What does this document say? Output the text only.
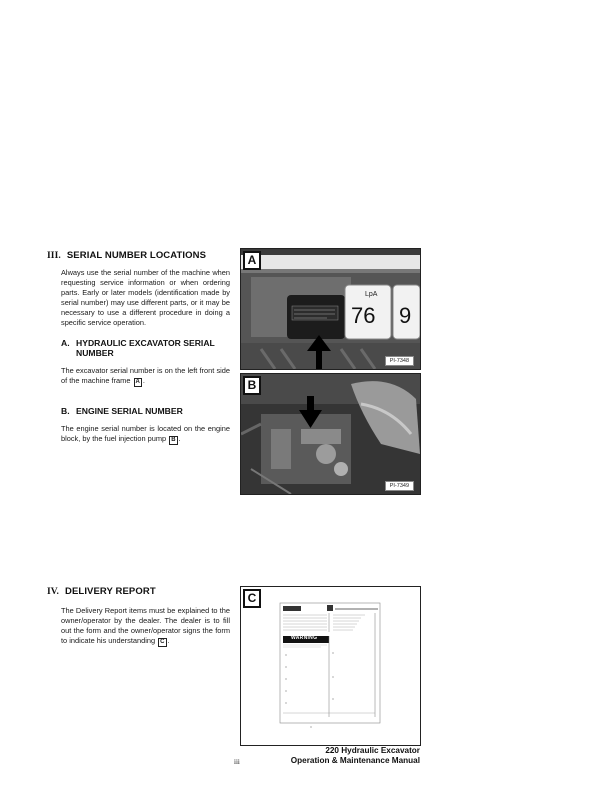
III. SERIAL NUMBER LOCATIONS
Always use the serial number of the machine when requesting service information or when ordering parts. Early or later models (identification made by serial number) may use different parts, or it may be necessary to use a different procedure in doing a specific service operation.
A. HYDRAULIC EXCAVATOR SERIAL
NUMBER
The excavator serial number is on the left front side of the machine frame A .
B. ENGINE SERIAL NUMBER
The engine serial number is located on the engine block, by the fuel injection pump B .
A
LpA
76 9
PI-7348
B
PI-7349
IV. DELIVERY REPORT
The Delivery Report items must be explained to the owner/operator by the dealer. The dealer is to fill out the form and the owner/operator signs the form to indicate his understanding C .
C
WARNING
iii
220 Hydraulic Excavator
Operation & Maintenance Manual
